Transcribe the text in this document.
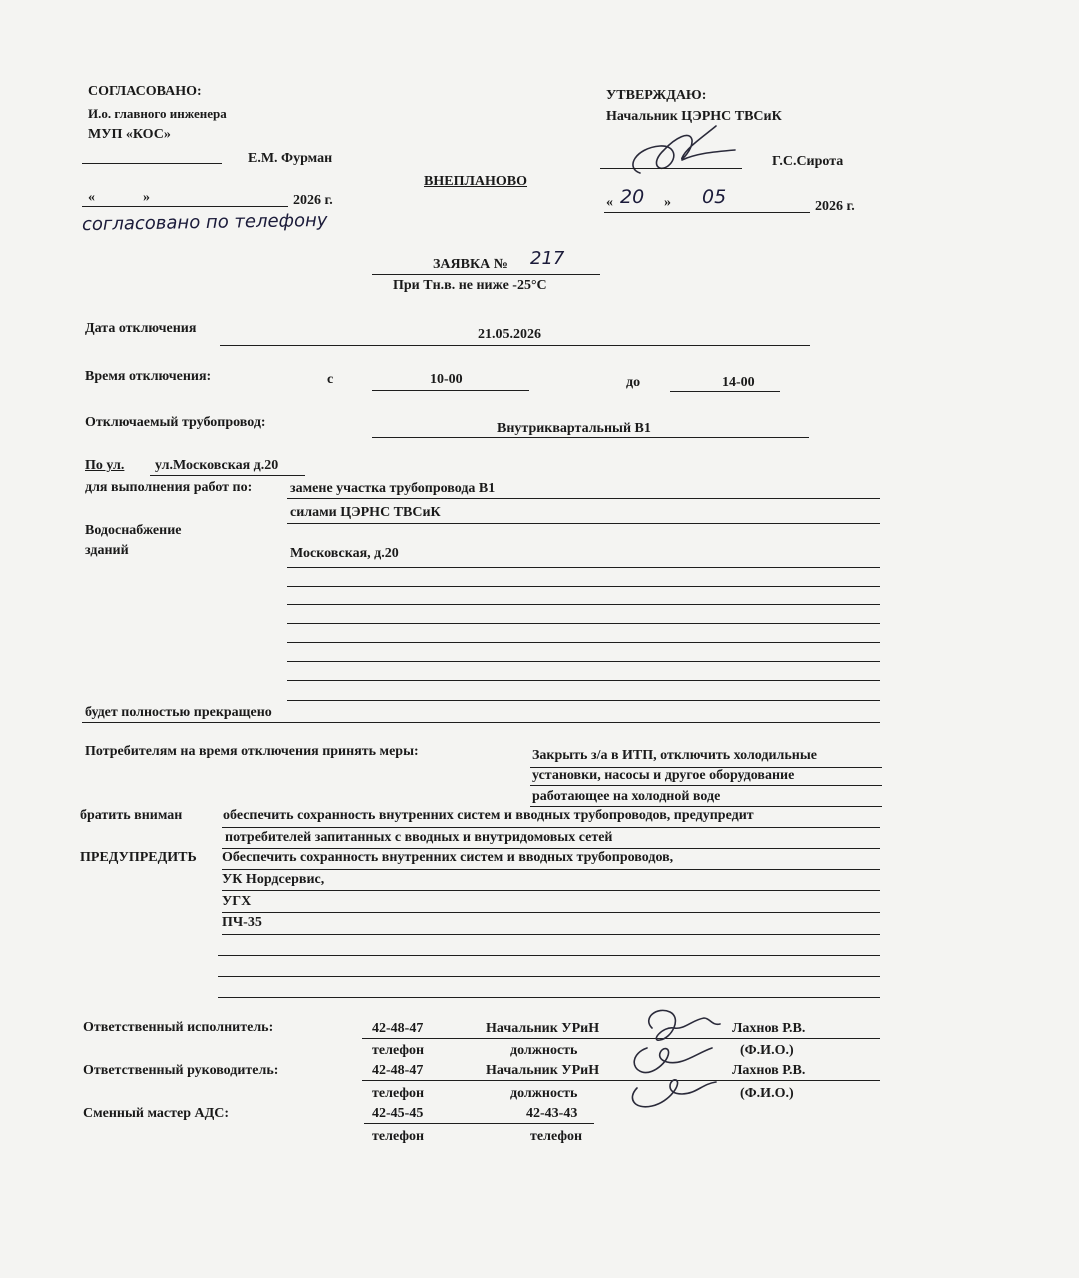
СОГЛАСОВАНО:
И.о. главного инженера
МУП «КОС»
Е.М. Фурман
«	»	2026 г.
согласовано по телефону
УТВЕРЖДАЮ:
Начальник ЦЭРНС ТВСиК
Г.С.Сирота
« 20 » 05	2026 г.
ВНЕПЛАНОВО
ЗАЯВКА № 217
При Тн.в. не ниже -25°С
Дата отключения	21.05.2026
Время отключения:	с	10-00	до	14-00
Отключаемый трубопровод:	Внутриквартальный В1
По ул. ул.Московская д.20
для выполнения работ по:	замене участка трубопровода В1
силами ЦЭРНС ТВСиК
Водоснабжение
зданий	Московская, д.20
будет полностью прекращено
Потребителям на время отключения принять меры:	Закрыть з/а в ИТП, отключить холодильные
установки, насосы и другое оборудование
работающее на холодной воде
братить вниман	обеспечить сохранность внутренних систем и вводных трубопроводов, предупредит
потребителей запитанных с вводных и внутридомовых сетей
ПРЕДУПРЕДИТЬ Обеспечить сохранность внутренних систем и вводных трубопроводов,
УК Нордсервис,
УГХ
ПЧ-35
Ответственный исполнитель:	42-48-47	Начальник УРиН	Лахнов Р.В.
телефон	должность	(Ф.И.О.)
Ответственный руководитель:	42-48-47	Начальник УРиН	Лахнов Р.В.
телефон	должность	(Ф.И.О.)
Сменный мастер АДС:	42-45-45	42-43-43
телефон	телефон
